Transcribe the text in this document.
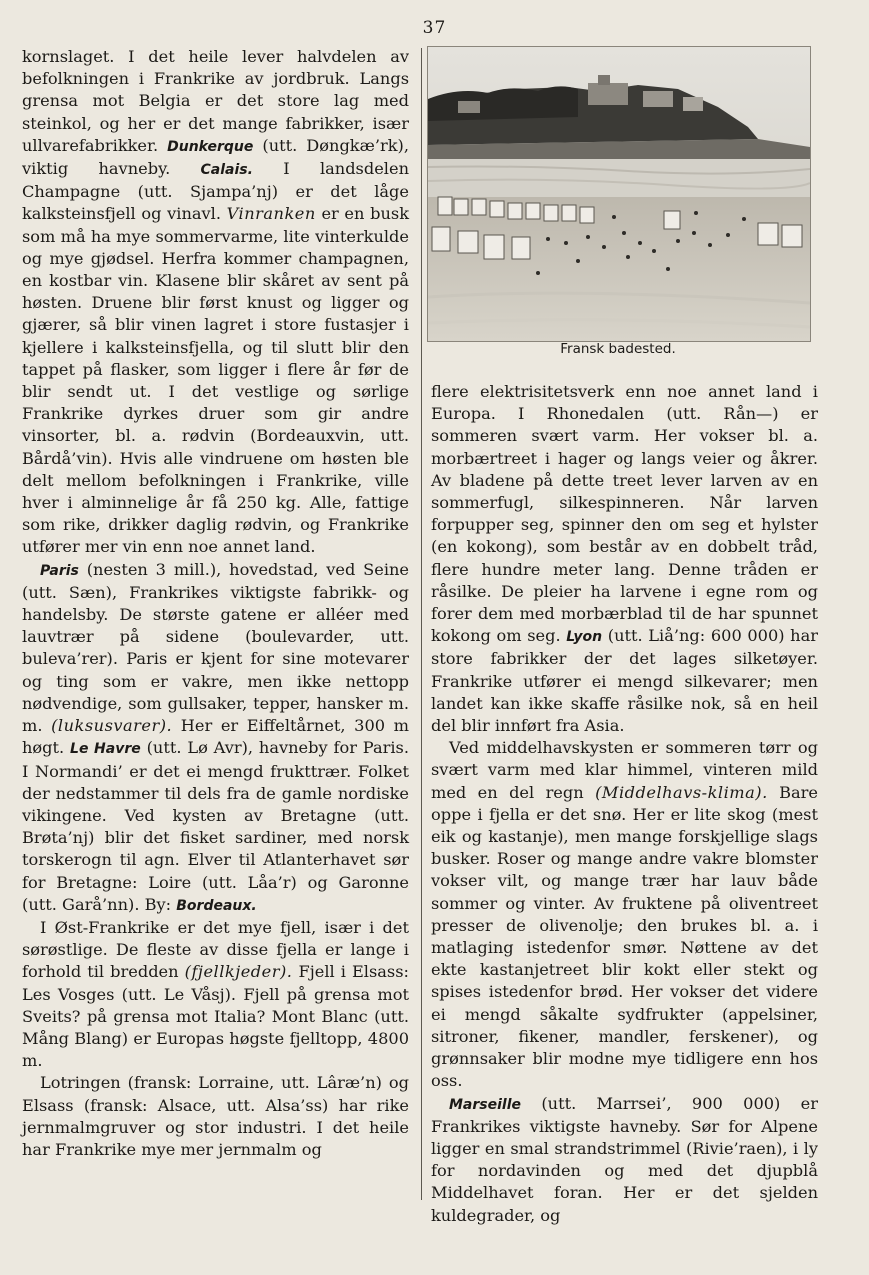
37

kornslaget. I det heile lever halvdelen av befolkningen i Frankrike av jordbruk. Langs grensa mot Belgia er det store lag med steinkol, og her er det mange fabrikker, især ullvarefabrikker. Dunkerque (utt. Døngkæ’rk), viktig havneby. Calais. I landsdelen Champagne (utt. Sjampa’nj) er det låge kalksteinsfjell og vinavl. Vinranken er en busk som må ha mye sommervarme, lite vinterkulde og mye gjødsel. Herfra kommer champagnen, en kostbar vin. Klasene blir skåret av sent på høsten. Druene blir først knust og ligger og gjærer, så blir vinen lagret i store fustasjer i kjellere i kalksteinsfjella, og til slutt blir den tappet på flasker, som ligger i flere år før de blir sendt ut. I det vestlige og sørlige Frankrike dyrkes druer som gir andre vinsorter, bl. a. rødvin (Bordeauxvin, utt. Bårdå’vin). Hvis alle vindruene om høsten ble delt mellom befolkningen i Frankrike, ville hver i alminnelige år få 250 kg. Alle, fattige som rike, drikker daglig rødvin, og Frankrike utfører mer vin enn noe annet land.

Paris (nesten 3 mill.), hovedstad, ved Seine (utt. Sæn), Frankrikes viktigste fabrikk- og handelsby. De største gatene er alléer med lauvtrær på sidene (boulevarder, utt. buleva’rer). Paris er kjent for sine motevarer og ting som er vakre, men ikke nettopp nødvendige, som gullsaker, tepper, hansker m. m. (luksusvarer). Her er Eiffeltårnet, 300 m høgt. Le Havre (utt. Lø Avr), havneby for Paris. I Normandi’ er det ei mengd frukttrær. Folket der nedstammer til dels fra de gamle nordiske vikingene. Ved kysten av Bretagne (utt. Brøta’nj) blir det fisket sardiner, med norsk torskerogn til agn. Elver til Atlanterhavet sør for Bretagne: Loire (utt. Låa’r) og Garonne (utt. Garå’nn). By: Bordeaux.

I Øst-Frankrike er det mye fjell, især i det sørøstlige. De fleste av disse fjella er lange i forhold til bredden (fjellkjeder). Fjell i Elsass: Les Vosges (utt. Le Våsj). Fjell på grensa mot Sveits? på grensa mot Italia? Mont Blanc (utt. Mång Blang) er Europas høgste fjelltopp, 4800 m.

Lotringen (fransk: Lorraine, utt. Lâræ’n) og Elsass (fransk: Alsace, utt. Alsa’ss) har rike jernmalmgruver og stor industri. I det heile har Frankrike mye mer jernmalm og

Fransk badested.

flere elektrisitetsverk enn noe annet land i Europa. I Rhonedalen (utt. Rån—) er sommeren svært varm. Her vokser bl. a. morbærtreet i hager og langs veier og åkrer. Av bladene på dette treet lever larven av en sommerfugl, silkespinneren. Når larven forpupper seg, spinner den om seg et hylster (en kokong), som består av en dobbelt tråd, flere hundre meter lang. Denne tråden er råsilke. De pleier ha larvene i egne rom og forer dem med morbærblad til de har spunnet kokong om seg. Lyon (utt. Liå’ng: 600 000) har store fabrikker der det lages silketøyer. Frankrike utfører ei mengd silkevarer; men landet kan ikke skaffe råsilke nok, så en heil del blir innført fra Asia.

Ved middelhavskysten er sommeren tørr og svært varm med klar himmel, vinteren mild med en del regn (Middelhavs-klima). Bare oppe i fjella er det snø. Her er lite skog (mest eik og kastanje), men mange forskjellige slags busker. Roser og mange andre vakre blomster vokser vilt, og mange trær har lauv både sommer og vinter. Av fruktene på oliventreet presser de olivenolje; den brukes bl. a. i matlaging istedenfor smør. Nøttene av det ekte kastanjetreet blir kokt eller stekt og spises istedenfor brød. Her vokser det videre ei mengd såkalte sydfrukter (appelsiner, sitroner, fikener, mandler, ferskener), og grønnsaker blir modne mye tidligere enn hos oss.

Marseille (utt. Marrsei’, 900 000) er Frankrikes viktigste havneby. Sør for Alpene ligger en smal strandstrimmel (Rivie’raen), i ly for nordavinden og med det djupblå Middelhavet foran. Her er det sjelden kuldegrader, og
